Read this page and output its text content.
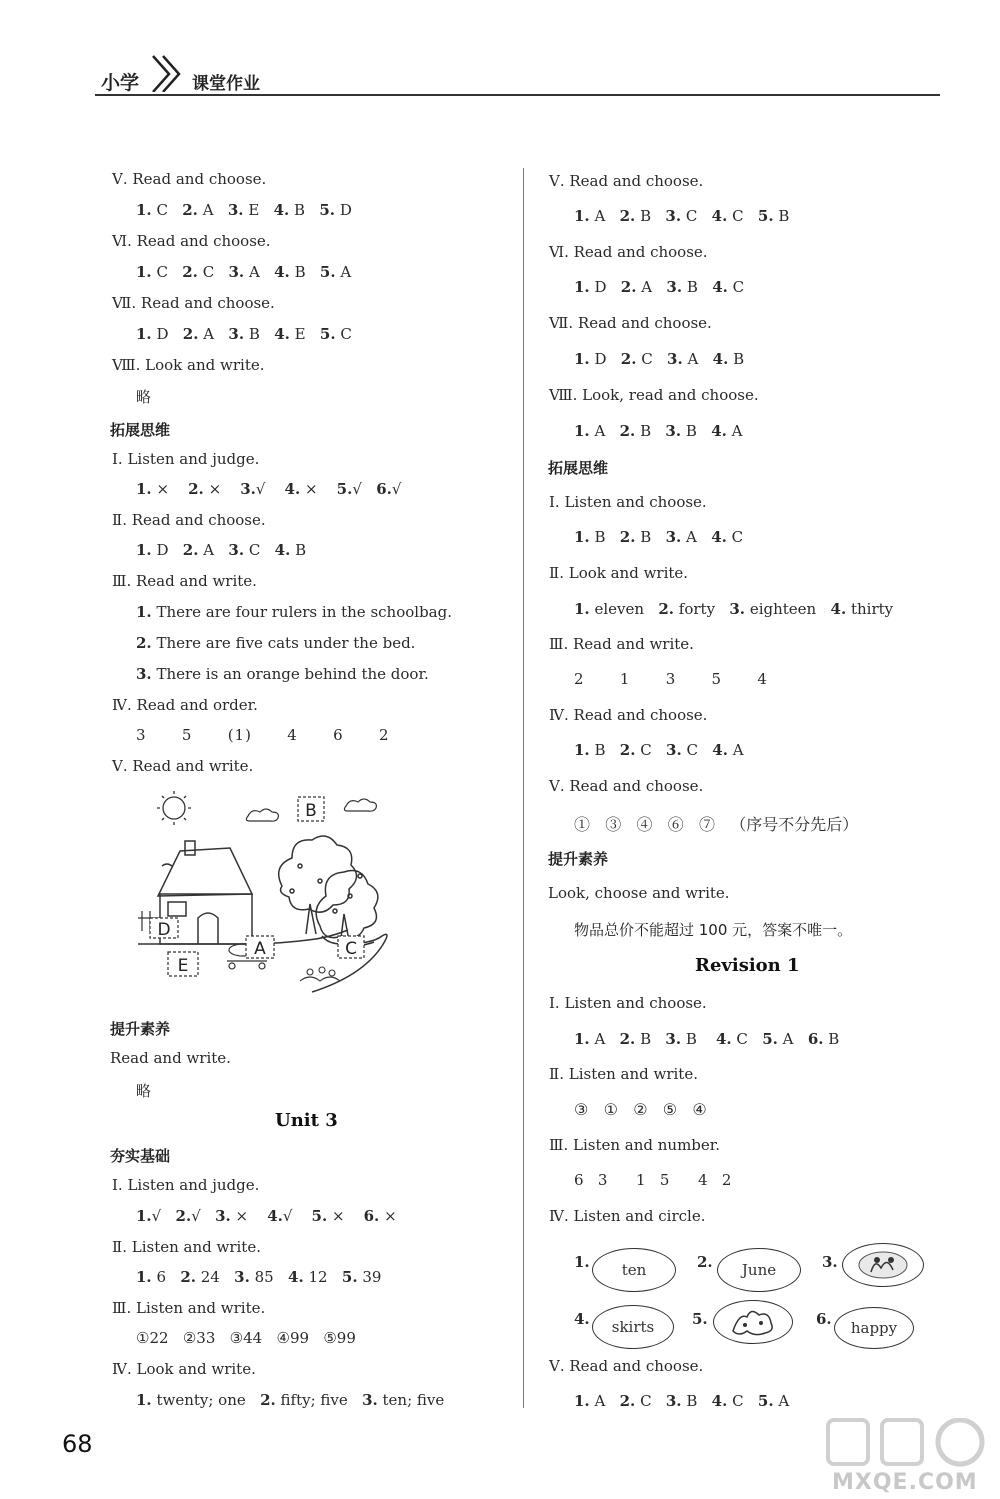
小学	课堂作业
Ⅴ. Read and choose.
1. C 2. A 3. E 4. B 5. D
Ⅵ. Read and choose.
1. C 2. C 3. A 4. B 5. A
Ⅶ. Read and choose.
1. D 2. A 3. B 4. E 5. C
Ⅷ. Look and write.
略
拓展思维
Ⅰ. Listen and judge.
1. × 2. × 3.√ 4. × 5.√ 6.√
Ⅱ. Read and choose.
1. D 2. A 3. C 4. B
Ⅲ. Read and write.
1. There are four rulers in the schoolbag.
2. There are five cats under the bed.
3. There is an orange behind the door.
Ⅳ. Read and order.
3   5   (1)   4   6   2
Ⅴ. Read and write.
B
D
A	C
E
提升素养
Read and write.
略
Unit 3
夯实基础
Ⅰ. Listen and judge.
1.√ 2.√ 3. × 4.√ 5. × 6. ×
Ⅱ. Listen and write.
1. 6 2. 24 3. 85 4. 12 5. 39
Ⅲ. Listen and write.
①22   ②33   ③44   ④99   ⑤99
Ⅳ. Look and write.
1. twenty; one 2. fifty; five 3. ten; five
Ⅴ. Read and choose.
1. A 2. B 3. C 4. C 5. B
Ⅵ. Read and choose.
1. D 2. A 3. B 4. C
Ⅶ. Read and choose.
1. D 2. C 3. A 4. B
Ⅷ. Look, read and choose.
1. A 2. B 3. B 4. A
拓展思维
Ⅰ. Listen and choose.
1. B 2. B 3. A 4. C
Ⅱ. Look and write.
1. eleven 2. forty 3. eighteen 4. thirty
Ⅲ. Read and write.
2   1   3   5   4
Ⅳ. Read and choose.
1. B 2. C 3. C 4. A
Ⅴ. Read and choose.
①   ③   ④   ⑥   ⑦   （序号不分先后）
提升素养
Look, choose and write.
物品总价不能超过 100 元，答案不唯一。
Revision 1
Ⅰ. Listen and choose.
1. A 2. B 3. B 4. C 5. A 6. B
Ⅱ. Listen and write.
③   ①   ②   ⑤   ④
Ⅲ. Listen and number.
6   3      1   5      4   2
Ⅳ. Listen and circle.
1.	ten	2.	June	3.
4.	skirts	5.	6.	happy
Ⅴ. Read and choose.
1. A 2. C 3. B 4. C 5. A
68
MXQE.COM
